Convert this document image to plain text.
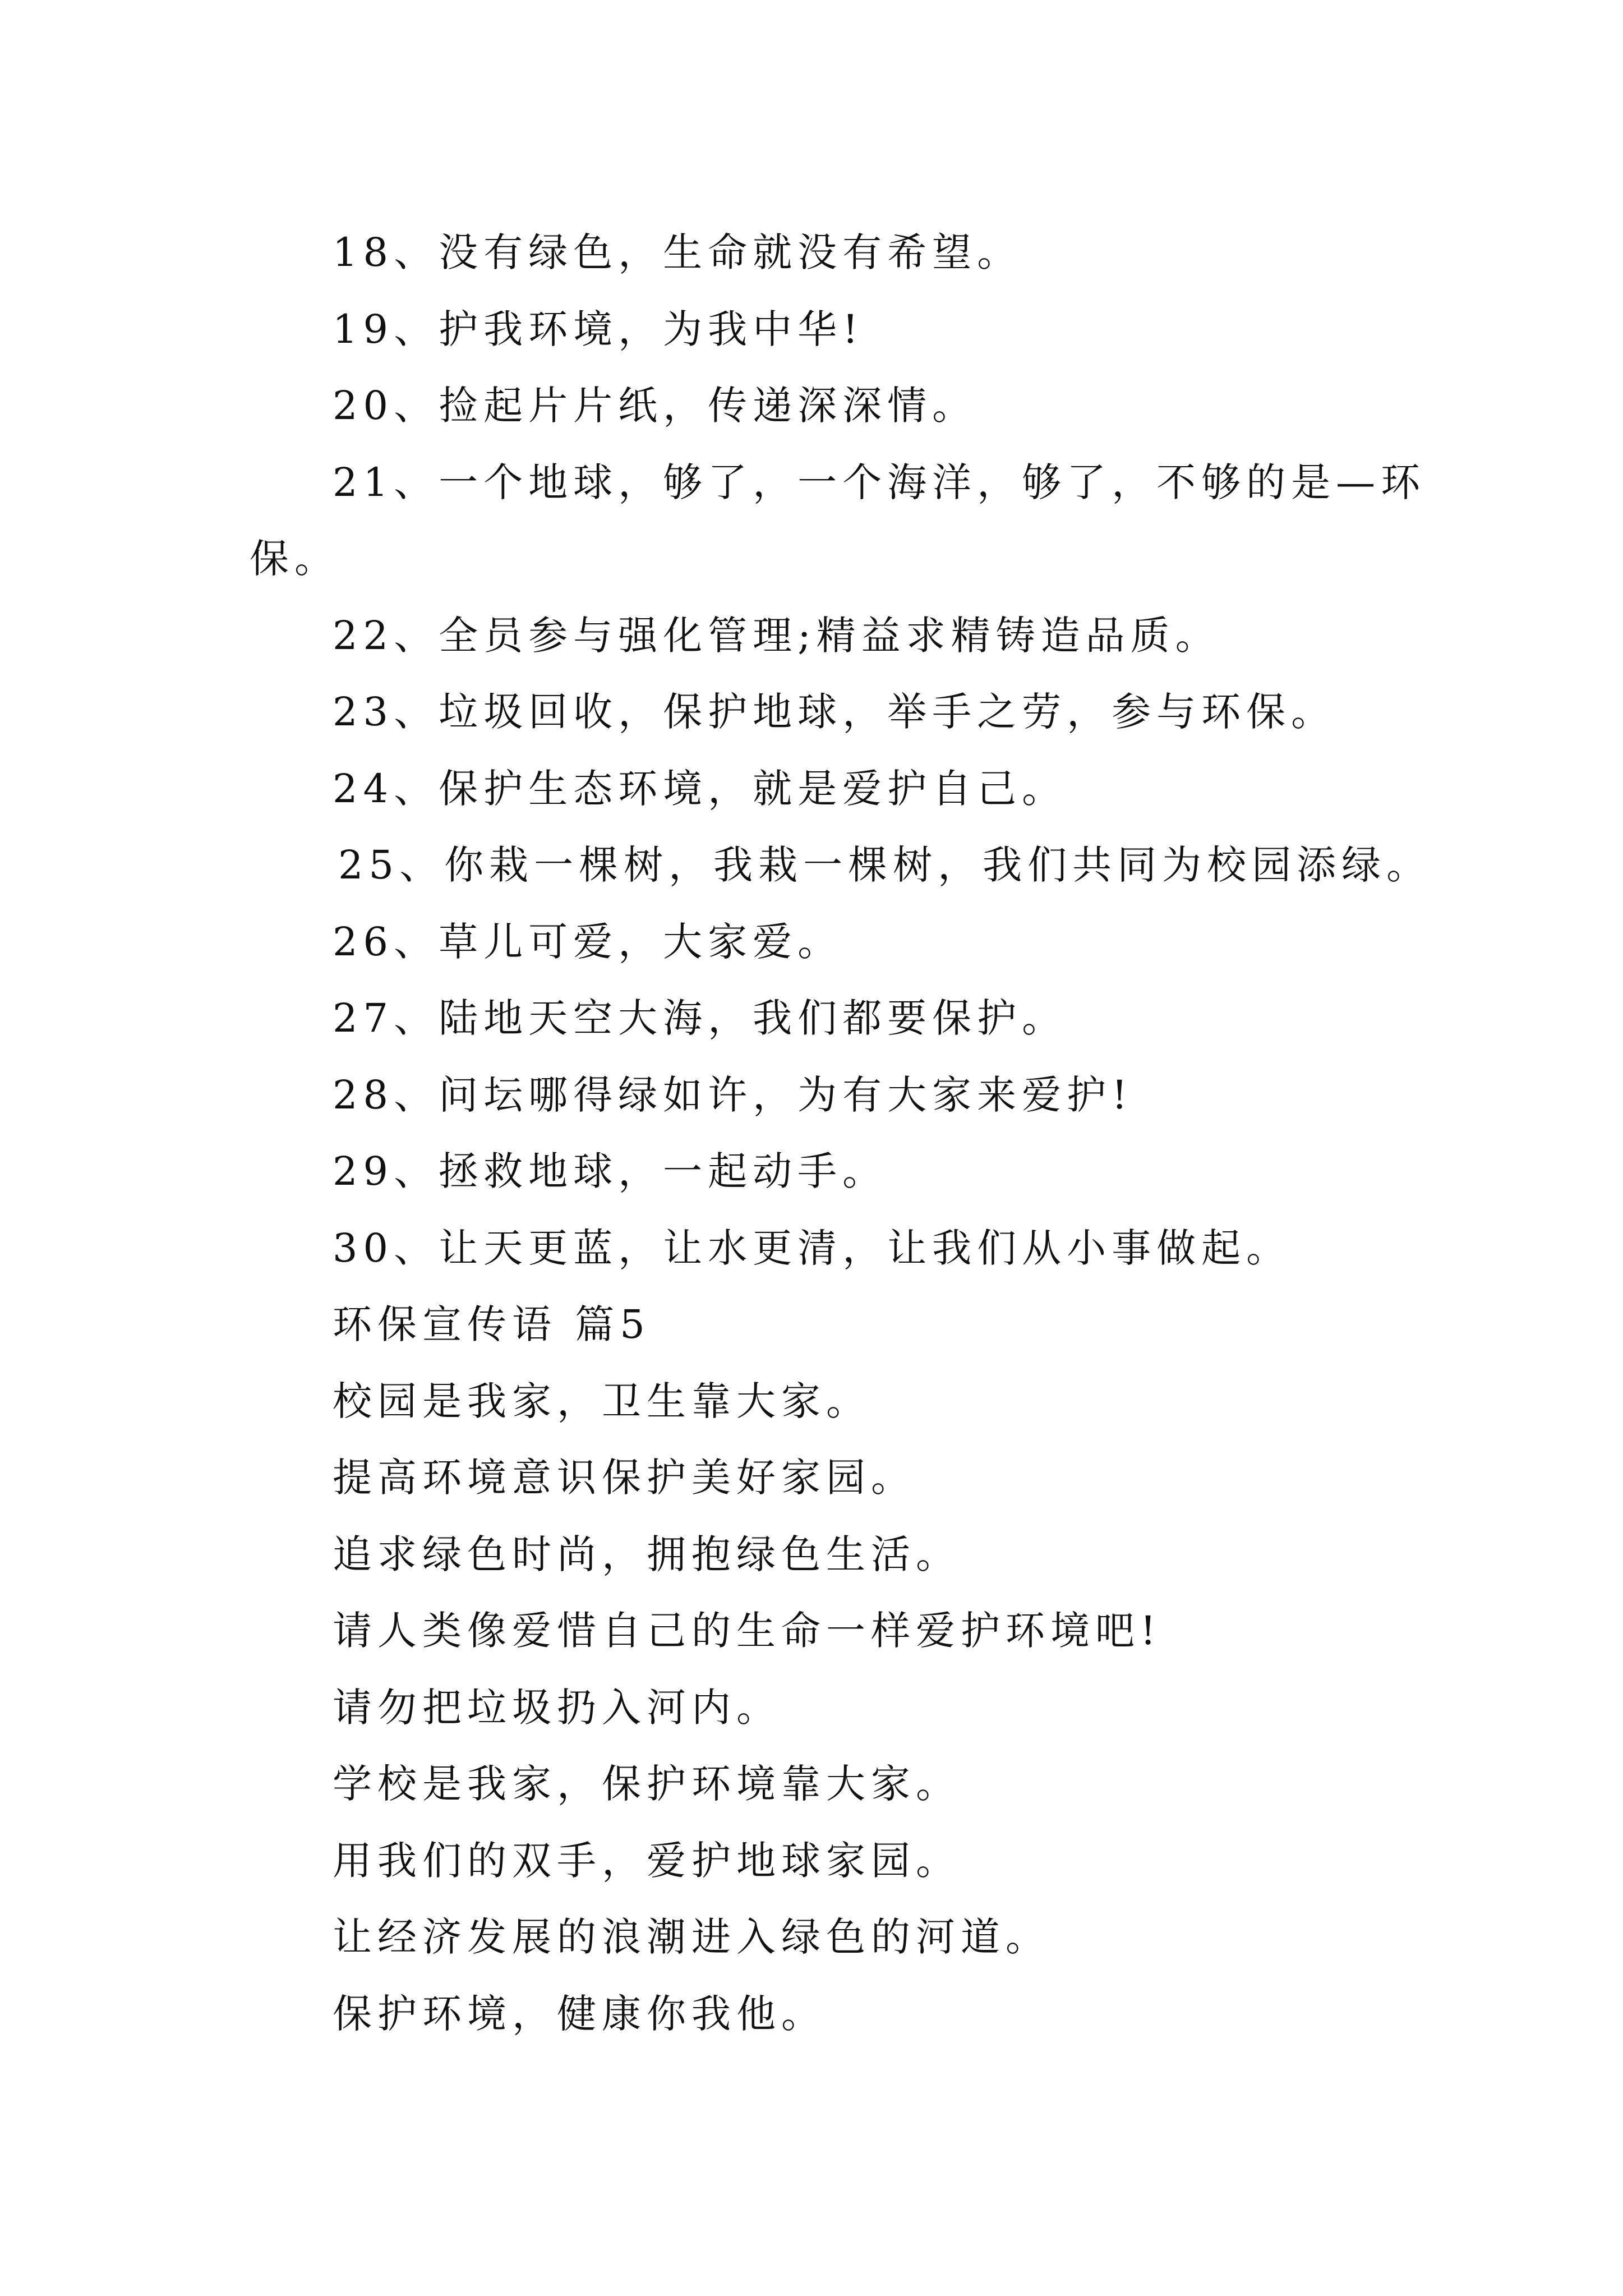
18、没有绿色，生命就没有希望。
19、护我环境，为我中华!
20、捡起片片纸，传递深深情。
21、一个地球，够了，一个海洋，够了，不够的是—环
保。
22、全员参与强化管理;精益求精铸造品质。
23、垃圾回收，保护地球，举手之劳，参与环保。
24、保护生态环境，就是爱护自己。
25、你栽一棵树，我栽一棵树，我们共同为校园添绿。
26、草儿可爱，大家爱。
27、陆地天空大海，我们都要保护。
28、问坛哪得绿如许，为有大家来爱护!
29、拯救地球，一起动手。
30、让天更蓝，让水更清，让我们从小事做起。
环保宣传语 篇5
校园是我家，卫生靠大家。
提高环境意识保护美好家园。
追求绿色时尚，拥抱绿色生活。
请人类像爱惜自己的生命一样爱护环境吧!
请勿把垃圾扔入河内。
学校是我家，保护环境靠大家。
用我们的双手，爱护地球家园。
让经济发展的浪潮进入绿色的河道。
保护环境，健康你我他。
